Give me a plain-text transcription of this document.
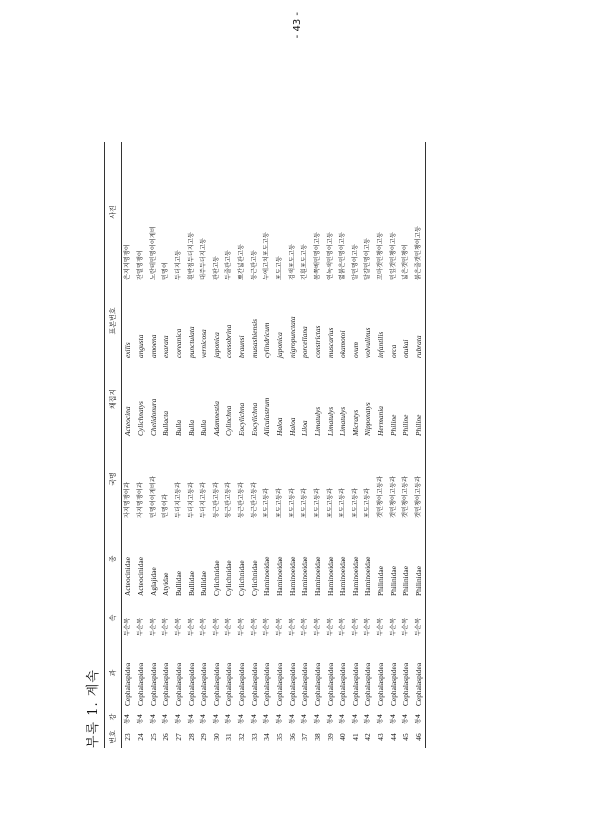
부록 1. 계속 번호	강	과	속	종	국명	채집지	표본번호	사진
23	동4	Cephalaspidea	두순목	Acteocinidae	자지명쟁이과	Acteocina	exilis	은지지명쟁이
24	동4	Cephalaspidea	두순목	Acteocinidae	자지명쟁이과	Cylichnatys	angusta	잔밀명쟁이
25	동4	Cephalaspidea	두순목	Aglajidae	민명이이게비과	Chelidonura	amoena	노란테민명이이게비
26	동4	Cephalaspidea	두순목	Atyidae	민명이과	Bullacta	exarata	민명이
27	동4	Cephalaspidea	두순목	Bullidae	두더지고둥과	Bulla	coreanica	두더지고둥
28	동4	Cephalaspidea	두순목	Bullidae	두더지고둥과	Bulla	punctulata	흰반점두더지고둥
29	동4	Cephalaspidea	두순목	Bullidae	두더지고둥과	Bulla	vernicosa	대주두더지고둥
30	동4	Cephalaspidea	두순목	Cylichnidae	둥근관고둥과	Adamnestia	japonica	관판고둥
31	동4	Cephalaspidea	두순목	Cylichnidae	둥근관고둥과	Cylinchna	consobrina	두줄관고둥
32	동4	Cephalaspidea	두순목	Cylichnidae	둥근관고둥과	Eocylichna	braunsi	뾰간넓관고둥
33	동4	Cephalaspidea	두순목	Cylichnidae	둥근관고둥과	Eocylichna	musashiensis	둥근관고둥
34	동4	Cephalaspidea	두순목	Haminoeidae	포도고둥과	Aliculastrum	cylindricum	누에고치포도고둥
35	동4	Cephalaspidea	두순목	Haminoeidae	포도고둥과	Haloa	japonica	포도고둥
36	동4	Cephalaspidea	두순목	Haminoeidae	포도고둥과	Haloa	nigropunctata	검색포도고둥
37	동4	Cephalaspidea	두순목	Haminoeidae	포도고둥과	Liloa	porcellana	긴흰포도고둥
38	동4	Cephalaspidea	두순목	Haminoeidae	포도고둥과	Limatulys	constrictas	몸쪽배민명이고둥
39	동4	Cephalaspidea	두순목	Haminoeidae	포도고둥과	Limatulys	muscarius	연녹색민명이고둥
40	동4	Cephalaspidea	두순목	Haminoeidae	포도고둥과	Limatulys	okamotoi	엷붉은민명이고둥
41	동4	Cephalaspidea	두순목	Haminoeidae	포도고둥과	Micratys	ovum	알민명이고둥
42	동4	Cephalaspidea	두순목	Haminoeidae	포도고둥과	Nipponatys	volvulinus	달걀민명이고둥
43	동4	Cephalaspidea	두순목	Philinidae	갯민챙이고둥과	Hermania	infantilis	꼬마갯민챙이고둥
44	동4	Cephalaspidea	두순목	Philinidae	갯민챙이고둥과	Philine	orca	민잎갯민챙이고둥
45	동4	Cephalaspidea	두순목	Philinidae	갯민챙이고둥과	Philine	otukai	넓은갯민챙이
46	동4	Cephalaspidea	두순목	Philinidae	갯민챙이고둥과	Philine	rubrata	붉은줄갯민챙이고둥
- 43 -
